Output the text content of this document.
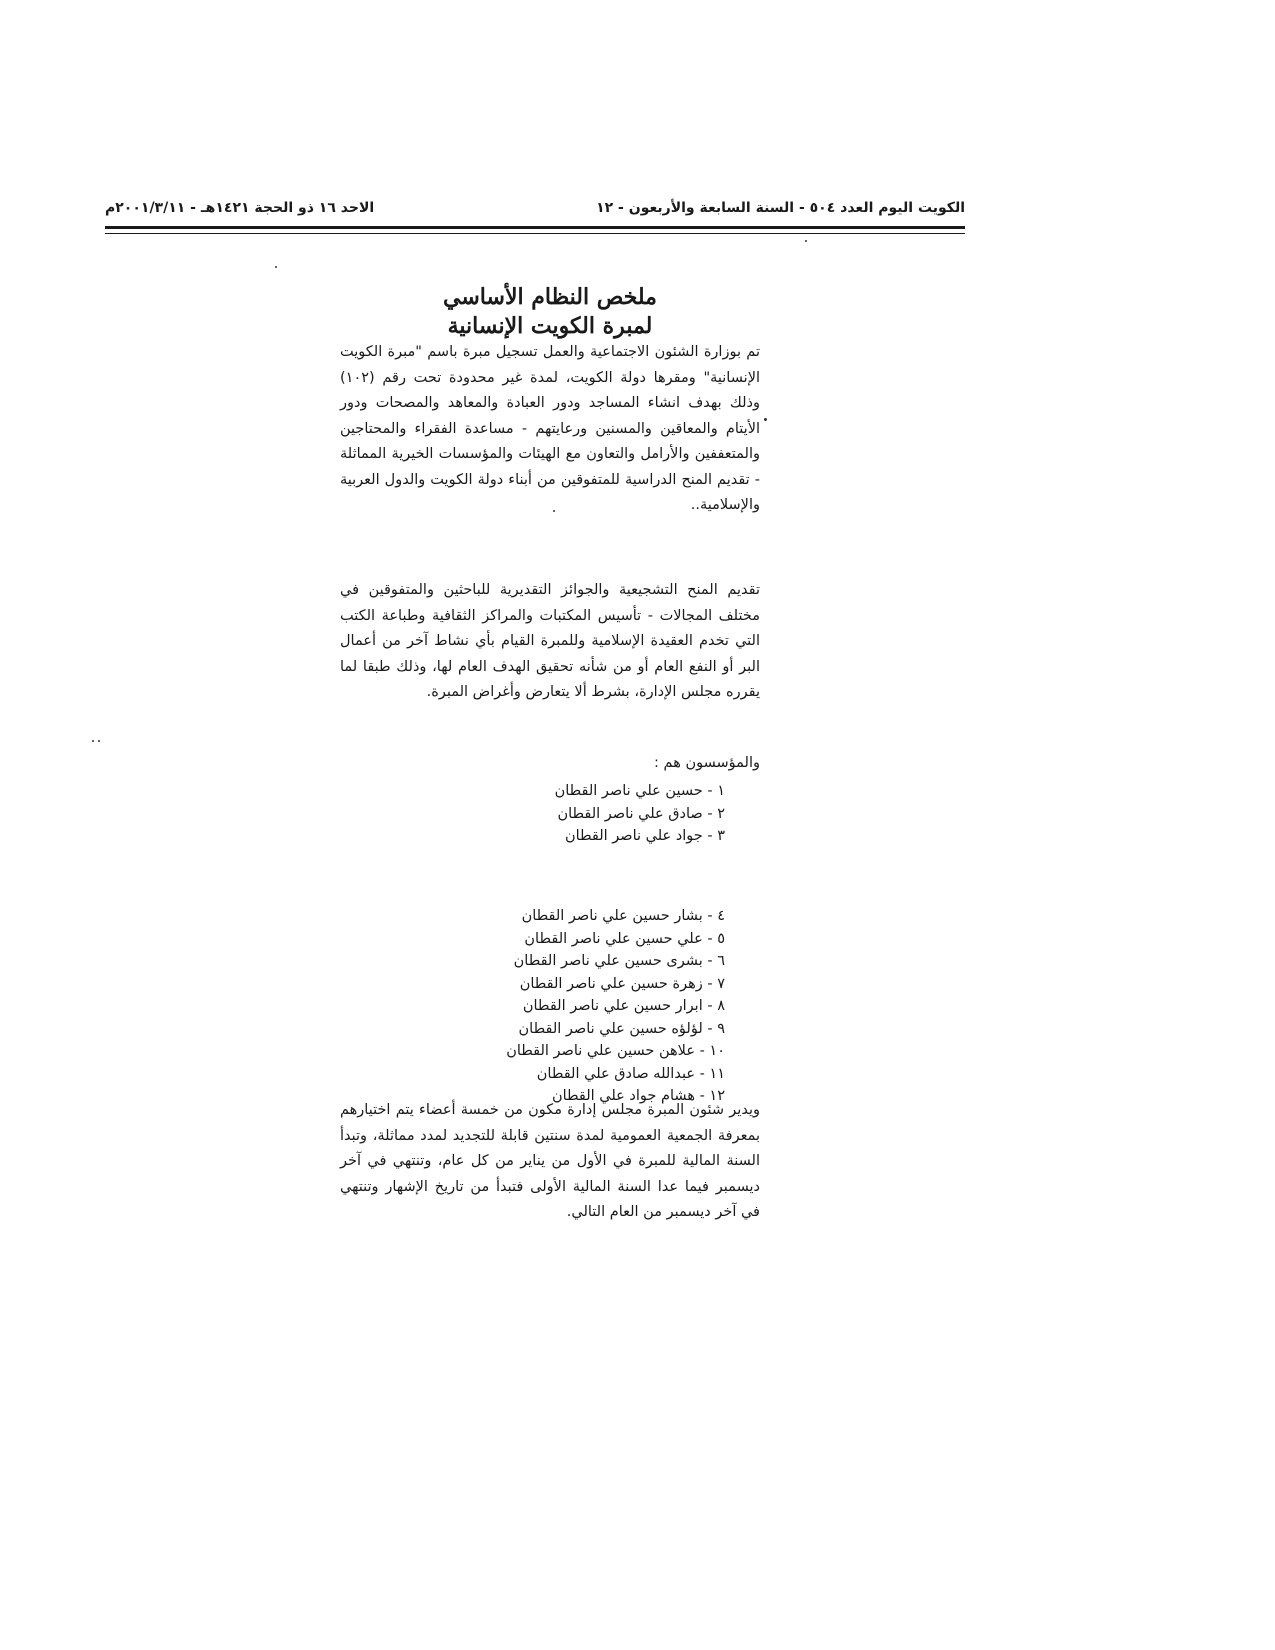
الكويت اليوم العدد ٥٠٤ - السنة السابعة والأربعون - ١٢
الاحد ١٦ ذو الحجة ١٤٢١هـ - ٢٠٠١/٣/١١م
ملخص النظام الأساسي
لمبرة الكويت الإنسانية

تم بوزارة الشئون الاجتماعية والعمل تسجيل مبرة باسم "مبرة الكويت الإنسانية" ومقرها دولة الكويت، لمدة غير محدودة تحت رقم (١٠٢) وذلك بهدف انشاء المساجد ودور العبادة والمعاهد والمصحات ودور الأيتام والمعاقين والمسنين ورعايتهم - مساعدة الفقراء والمحتاجين والمتعففين والأرامل والتعاون مع الهيئات والمؤسسات الخيرية المماثلة - تقديم المنح الدراسية للمتفوقين من أبناء دولة الكويت والدول العربية والإسلامية..

تقديم المنح التشجيعية والجوائز التقديرية للباحثين والمتفوقين في مختلف المجالات - تأسيس المكتبات والمراكز الثقافية وطباعة الكتب التي تخدم العقيدة الإسلامية وللمبرة القيام بأي نشاط آخر من أعمال البر أو النفع العام أو من شأنه تحقيق الهدف العام لها، وذلك طبقا لما يقرره مجلس الإدارة، بشرط ألا يتعارض وأغراض المبرة.

والمؤسسون هم :
١ - حسين علي ناصر القطان
٢ - صادق علي ناصر القطان
٣ - جواد علي ناصر القطان
٤ - بشار حسين علي ناصر القطان
٥ - علي حسين علي ناصر القطان
٦ - بشرى حسين علي ناصر القطان
٧ - زهرة حسين علي ناصر القطان
٨ - ابرار حسين علي ناصر القطان
٩ - لؤلؤه حسين علي ناصر القطان
١٠ - علاهن حسين علي ناصر القطان
١١ - عبدالله صادق علي القطان
١٢ - هشام جواد علي القطان

ويدير شئون المبرة مجلس إدارة مكون من خمسة أعضاء يتم اختيارهم بمعرفة الجمعية العمومية لمدة سنتين قابلة للتجديد لمدد مماثلة، وتبدأ السنة المالية للمبرة في الأول من يناير من كل عام، وتنتهي في آخر ديسمبر فيما عدا السنة المالية الأولى فتبدأ من تاريخ الإشهار وتنتهي في آخر ديسمبر من العام التالي.
